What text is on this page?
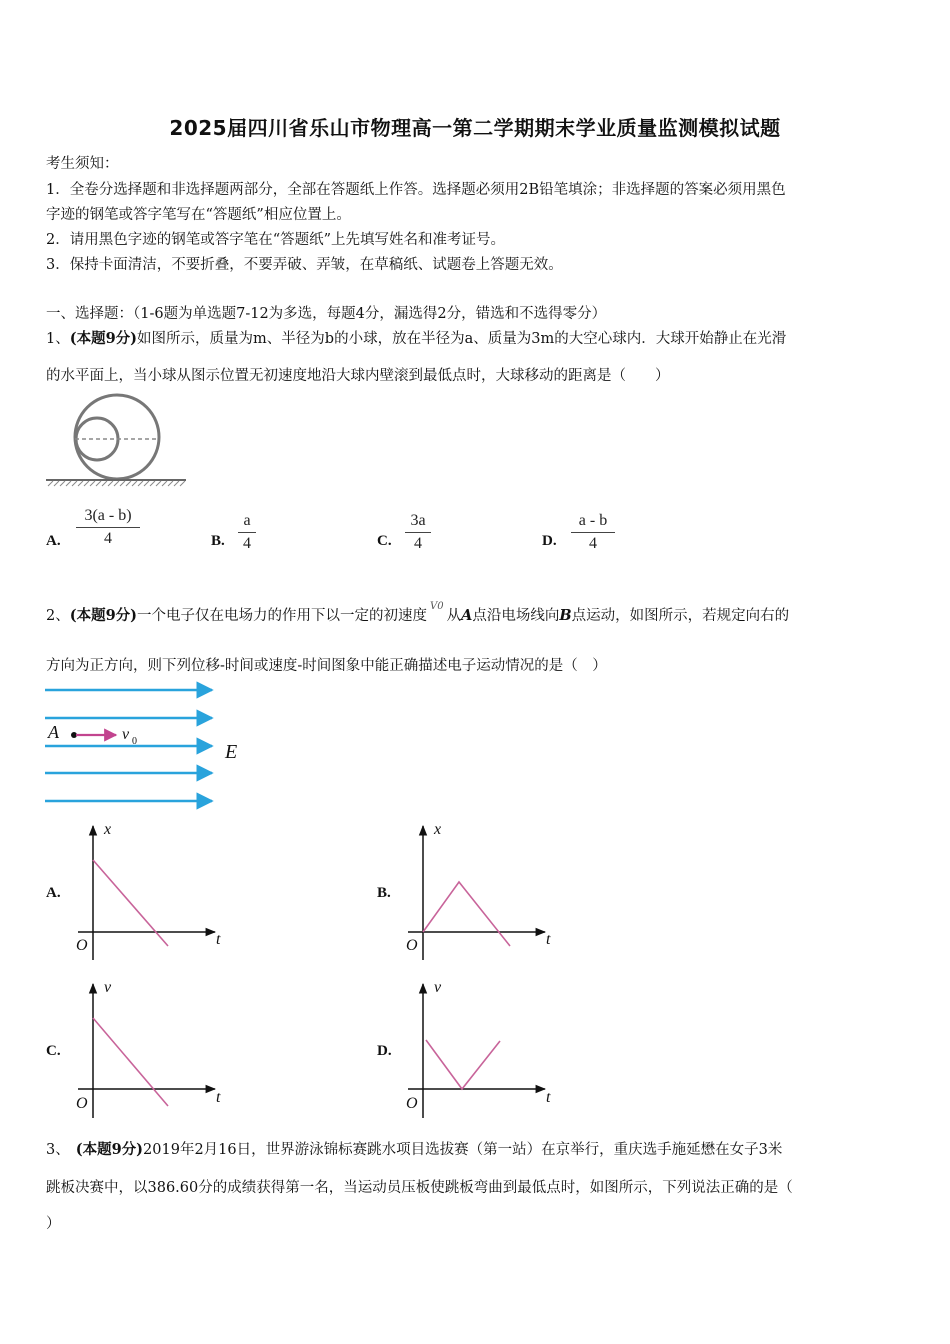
2025届四川省乐山市物理高一第二学期期末学业质量监测模拟试题
考生须知：
1．全卷分选择题和非选择题两部分，全部在答题纸上作答。选择题必须用2B铅笔填涂；非选择题的答案必须用黑色
字迹的钢笔或答字笔写在“答题纸”相应位置上。
2．请用黑色字迹的钢笔或答字笔在“答题纸”上先填写姓名和准考证号。
3．保持卡面清洁，不要折叠，不要弄破、弄皱，在草稿纸、试题卷上答题无效。
一、选择题：（1-6题为单选题7-12为多选，每题4分，漏选得2分，错选和不选得零分）
1、(本题9分)如图所示，质量为m、半径为b的小球，放在半径为a、质量为3m的大空心球内．大球开始静止在光滑
的水平面上，当小球从图示位置无初速度地沿大球内壁滚到最低点时，大球移动的距离是（　　）
A. $\frac{3(a - b)}{4}$	B. $\frac{a}{4}$	C. $\frac{3a}{4}$	D. $\frac{a - b}{4}$
2、(本题9分)一个电子仅在电场力的作用下以一定的初速度$^{V0}$从A点沿电场线向B点运动，如图所示，若规定向右的
方向为正方向，则下列位移-时间或速度-时间图象中能正确描述电子运动情况的是（　）
A	v 0	E
A.
x
t
O
B.
x
t
O
C.
v
t
O
D.
v
t
O
3、 (本题9分)2019年2月16日，世界游泳锦标赛跳水项目选拔赛（第一站）在京举行，重庆选手施延懋在女子3米
跳板决赛中，以386.60分的成绩获得第一名，当运动员压板使跳板弯曲到最低点时，如图所示，下列说法正确的是（
）
